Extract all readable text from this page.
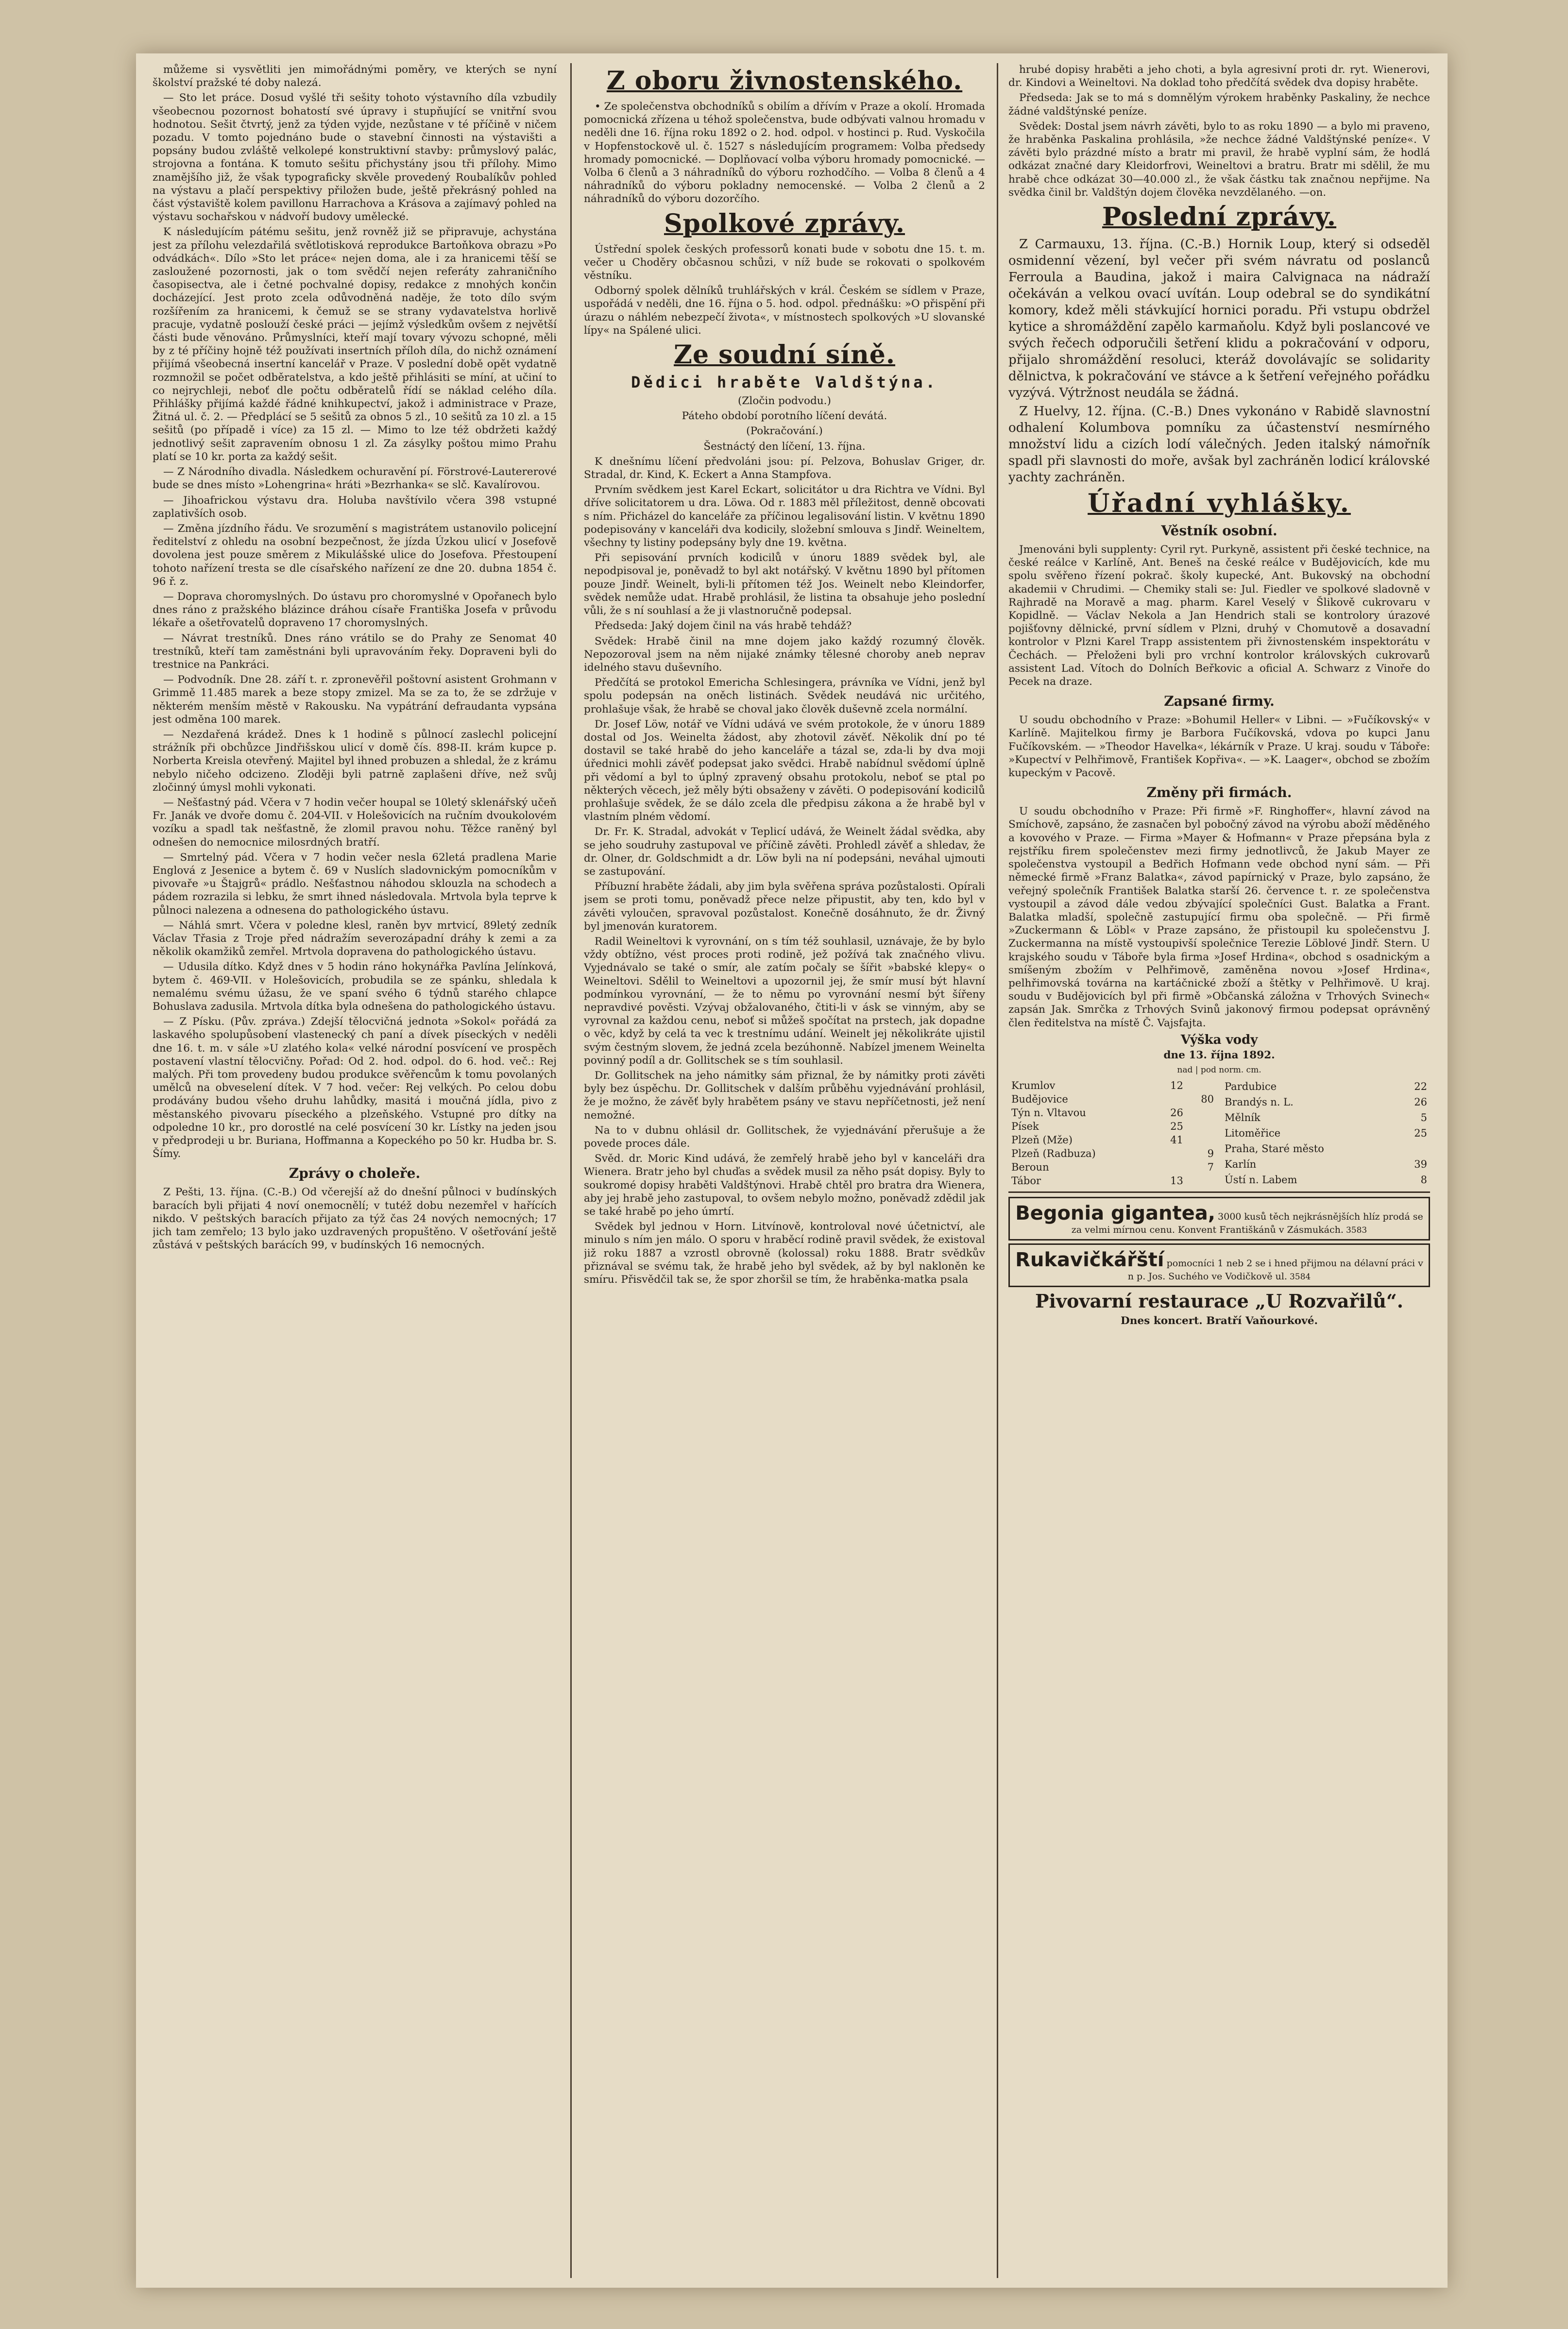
můžeme si vysvětliti jen mimořádnými poměry, ve kterých se nyní školství pražské té doby nalezá.

— Sto let práce. Dosud vyšlé tři sešity tohoto výstavního díla vzbudily všeobecnou pozornost bohatostí své úpravy i stupňující se vnitřní svou hodnotou. Sešit čtvrtý, jenž za týden vyjde, nezůstane v té příčině v ničem pozadu. V tomto pojednáno bude o stavební činnosti na výstavišti a popsány budou zvláště velkolepé konstruktivní stavby: průmyslový palác, strojovna a fontána. K tomuto sešitu přichystány jsou tři přílohy. Mimo znamějšího již, že však typograficky skvěle provedený Roubalíkův pohled na výstavu a plačí perspektivy přiložen bude, ještě překrásný pohled na část výstaviště kolem pavillonu Harrachova a Krásova a zajímavý pohled na výstavu sochařskou v nádvoří budovy umělecké.

K následujícím pátému sešitu, jenž rovněž již se připravuje, achystána jest za přílohu velezdařilá světlotisková reprodukce Bartoňkova obrazu »Po odvádkách«. Dílo »Sto let práce« nejen doma, ale i za hranicemi těší se zasloužené pozornosti, jak o tom svědčí nejen referáty zahraničního časopisectva, ale i četné pochvalné dopisy, redakce z mnohých končin docházející. Jest proto zcela odůvodněná naděje, že toto dílo svým rozšířením za hranicemi, k čemuž se se strany vydavatelstva horlivě pracuje, vydatně poslouží české práci — jejímž výsledkům ovšem z největší části bude věnováno. Průmyslníci, kteří mají tovary vývozu schopné, měli by z té příčiny hojně též používati insertních příloh díla, do nichž oznámení přijímá všeobecná insertní kancelář v Praze. V poslední době opět vydatně rozmnožil se počet odběratelstva, a kdo ještě přihlásiti se míní, at učiní to co nejrychleji, neboť dle počtu odběratelů řídí se náklad celého díla. Přihlášky přijímá každé řádné knihkupectví, jakož i administrace v Praze, Žitná ul. č. 2. — Předplácí se 5 sešitů za obnos 5 zl., 10 sešitů za 10 zl. a 15 sešitů (po případě i více) za 15 zl. — Mimo to lze též obdržeti každý jednotlivý sešit zapravením obnosu 1 zl. Za zásylky poštou mimo Prahu platí se 10 kr. porta za každý sešit.

— Z Národního divadla. Následkem ochuravění pí. Förstrové-Lautererové bude se dnes místo »Lohengrina« hráti »Bezrhanka« se slč. Kavalírovou.

— Jihoafrickou výstavu dra. Holuba navštívilo včera 398 vstupné zaplativších osob.

— Změna jízdního řádu. Ve srozumění s magistrátem ustanovilo policejní ředitelství z ohledu na osobní bezpečnost, že jízda Úzkou ulicí v Josefově dovolena jest pouze směrem z Mikulášské ulice do Josefova. Přestoupení tohoto nařízení tresta se dle císařského nařízení ze dne 20. dubna 1854 č. 96 ř. z.

— Doprava choromyslných. Do ústavu pro choromyslné v Opořanech bylo dnes ráno z pražského blázince dráhou císaře Františka Josefa v průvodu lékaře a ošetřovatelů dopraveno 17 choromyslných.

— Návrat trestníků. Dnes ráno vrátilo se do Prahy ze Senomat 40 trestníků, kteří tam zaměstnáni byli upravováním řeky. Dopraveni byli do trestnice na Pankráci.

— Podvodník. Dne 28. září t. r. zpronevěřil poštovní asistent Grohmann v Grimmě 11.485 marek a beze stopy zmizel. Ma se za to, že se zdržuje v některém menším městě v Rakousku. Na vypátrání defraudanta vypsána jest odměna 100 marek.

— Nezdařená krádež. Dnes k 1 hodině s půlnocí zaslechl policejní strážník při obchůzce Jindřišskou ulicí v domě čís. 898-II. krám kupce p. Norberta Kreisla otevřený. Majitel byl ihned probuzen a shledal, že z krámu nebylo ničeho odcizeno. Zloději byli patrně zaplašeni dříve, než svůj zločinný úmysl mohli vykonati.

— Nešťastný pád. Včera v 7 hodin večer houpal se 10letý sklenářský učeň Fr. Janák ve dvoře domu č. 204-VII. v Holešovicích na ručním dvoukolovém vozíku a spadl tak nešťastně, že zlomil pravou nohu. Těžce raněný byl odnešen do nemocnice milosrdných bratří.

— Smrtelný pád. Včera v 7 hodin večer nesla 62letá pradlena Marie Englová z Jesenice a bytem č. 69 v Nuslích sladovnickým pomocníkům v pivovaře »u Štajgrů« prádlo. Nešťastnou náhodou sklouzla na schodech a pádem rozrazila si lebku, že smrt ihned následovala. Mrtvola byla teprve k půlnoci nalezena a odnesena do pathologického ústavu.

— Náhlá smrt. Včera v poledne klesl, raněn byv mrtvicí, 89letý zedník Václav Třasia z Troje před nádražím severozápadní dráhy k zemi a za několik okamžiků zemřel. Mrtvola dopravena do pathologického ústavu.

— Udusila dítko. Když dnes v 5 hodin ráno hokynářka Pavlína Jelínková, bytem č. 469-VII. v Holešovicích, probudila se ze spánku, shledala k nemalému svému úžasu, že ve spaní svého 6 týdnů starého chlapce Bohuslava zadusila. Mrtvola dítka byla odnešena do pathologického ústavu.

— Z Písku. (Pův. zpráva.) Zdejší tělocvičná jednota »Sokol« pořádá za laskavého spolupůsobení vlastenecký ch paní a dívek píseckých v neděli dne 16. t. m. v sále »U zlatého kola« velké národní posvícení ve prospěch postavení vlastní tělocvičny. Pořad: Od 2. hod. odpol. do 6. hod. več.: Rej malých. Při tom provedeny budou produkce svěřencům k tomu povolaných umělců na obveselení dítek. V 7 hod. večer: Rej velkých. Po celou dobu prodávány budou všeho druhu lahůdky, masitá i moučná jídla, pivo z městanského pivovaru píseckého a plzeňského. Vstupné pro dítky na odpoledne 10 kr., pro dorostlé na celé posvícení 30 kr. Lístky na jeden jsou v předprodeji u br. Buriana, Hoffmanna a Kopeckého po 50 kr. Hudba br. S. Šímy.

Zprávy o choleře.

Z Pešti, 13. října. (C.-B.) Od včerejší až do dnešní půlnoci v budínských baracích byli přijati 4 noví onemocnělí; v tutéž dobu nezemřel v hařících nikdo. V peštských baracích přijato za týž čas 24 nových nemocných; 17 jich tam zemřelo; 13 bylo jako uzdravených propuštěno. V ošetřování ještě zůstává v peštských barácích 99, v budínských 16 nemocných.

Z oboru živnostenského.

• Ze společenstva obchodníků s obilím a dřívím v Praze a okolí. Hromada pomocnická zřízena u téhož společenstva, bude odbývati valnou hromadu v neděli dne 16. října roku 1892 o 2. hod. odpol. v hostinci p. Rud. Vyskočila v Hopfenstockově ul. č. 1527 s následujícím programem: Volba předsedy hromady pomocnické. — Doplňovací volba výboru hromady pomocnické. — Volba 6 členů a 3 náhradníků do výboru rozhodčího. — Volba 8 členů a 4 náhradníků do výboru pokladny nemocenské. — Volba 2 členů a 2 náhradníků do výboru dozorčího.

Spolkové zprávy.

Ústřední spolek českých professorů konati bude v sobotu dne 15. t. m. večer u Choděry občasnou schůzi, v níž bude se rokovati o spolkovém věstníku.

Odborný spolek dělníků truhlářských v král. Českém se sídlem v Praze, uspořádá v neděli, dne 16. října o 5. hod. odpol. přednášku: »O přispění při úrazu o náhlém nebezpečí života«, v místnostech spolkových »U slovanské lípy« na Spálené ulici.

Ze soudní síně.
Dědici hraběte Valdštýna.
(Zločin podvodu.)
Páteho období porotního líčení devátá.
(Pokračování.)
Šestnáctý den líčení, 13. října.

K dnešnímu líčení předvoláni jsou: pí. Pelzova, Bohuslav Griger, dr. Stradal, dr. Kind, K. Eckert a Anna Stampfova.

Prvním svědkem jest Karel Eckart, solicitátor u dra Richtra ve Vídni. Byl dříve solicitatorem u dra. Löwa. Od r. 1883 měl příležitost, denně obcovati s ním. Přicházel do kanceláře za příčinou legalisování listin. V květnu 1890 podepisovány v kanceláři dva kodicily, složební smlouva s Jindř. Weineltem, všechny ty listiny podepsány byly dne 19. května.

Při sepisování prvních kodicilů v únoru 1889 svědek byl, ale nepodpisoval je, poněvadž to byl akt notářský. V květnu 1890 byl přítomen pouze Jindř. Weinelt, byli-li přítomen též Jos. Weinelt nebo Kleindorfer, svědek nemůže udat. Hrabě prohlásil, že listina ta obsahuje jeho poslední vůli, že s ní souhlasí a že ji vlastnoručně podepsal.

Předseda: Jaký dojem činil na vás hrabě tehdáž?

Svědek: Hrabě činil na mne dojem jako každý rozumný člověk. Nepozoroval jsem na něm nijaké známky tělesné choroby aneb neprav idelného stavu duševního.

Předčítá se protokol Emericha Schlesingera, právníka ve Vídni, jenž byl spolu podepsán na oněch listinách. Svědek neudává nic určitého, prohlašuje však, že hrabě se choval jako člověk duševně zcela normální.

Dr. Josef Löw, notář ve Vídni udává ve svém protokole, že v únoru 1889 dostal od Jos. Weinelta žádost, aby zhotovil závěť. Několik dní po té dostavil se také hrabě do jeho kanceláře a tázal se, zda-li by dva moji úřednici mohli závěť podepsat jako svědci. Hrabě nabídnul svědomí úplně při vědomí a byl to úplný zpravený obsahu protokolu, neboť se ptal po některých věcech, jež měly býti obsaženy v závěti. O podepisování kodicilů prohlašuje svědek, že se dálo zcela dle předpisu zákona a že hrabě byl v vlastním plném vědomí.

Dr. Fr. K. Stradal, advokát v Teplicí udává, že Weinelt žádal svědka, aby se jeho soudruhy zastupoval ve příčině závěti. Prohledl závěť a shledav, že dr. Olner, dr. Goldschmidt a dr. Löw byli na ní podepsáni, neváhal ujmouti se zastupování.

Příbuzní hraběte žádali, aby jim byla svěřena správa pozůstalosti. Opírali jsem se proti tomu, poněvadž přece nelze připustit, aby ten, kdo byl v závěti vyloučen, spravoval pozůstalost. Konečně dosáhnuto, že dr. Živný byl jmenován kuratorem.

Radil Weineltovi k vyrovnání, on s tím též souhlasil, uznávaje, že by bylo vždy obtížno, vést proces proti rodině, jež požívá tak značného vlivu. Vyjednávalo se také o smír, ale zatím počaly se šířit »babské klepy« o Weineltovi. Sdělil to Weineltovi a upozornil jej, že smír musí být hlavní podmínkou vyrovnání, — že to němu po vyrovnání nesmí být šířeny nepravdivé pověsti. Vzývaj obžalovaného, čtiti-li v ásk se vinným, aby se vyrovnal za každou cenu, neboť si můžeš spočítat na prstech, jak dopadne o věc, když by celá ta vec k trestnímu udání. Weinelt jej několikráte ujistil svým čestným slovem, že jedná zcela bezúhonně. Nabízel jmenem Weinelta povinný podíl a dr. Gollitschek se s tím souhlasil.

Dr. Gollitschek na jeho námitky sám přiznal, že by námitky proti závěti byly bez úspěchu. Dr. Gollitschek v dalším průběhu vyjednávání prohlásil, že je možno, že závěť byly hrabětem psány ve stavu nepříčetnosti, jež není nemožné.

Na to v dubnu ohlásil dr. Gollitschek, že vyjednávání přerušuje a že povede proces dále.

Svěd. dr. Moric Kind udává, že zemřelý hrabě jeho byl v kanceláři dra Wienera. Bratr jeho byl chuďas a svědek musil za něho psát dopisy. Byly to soukromé dopisy hraběti Valdštýnovi. Hrabě chtěl pro bratra dra Wienera, aby jej hrabě jeho zastupoval, to ovšem nebylo možno, poněvadž zdědil jak se také hrabě po jeho úmrtí.

Svědek byl jednou v Horn. Litvínově, kontroloval nové účetnictví, ale minulo s ním jen málo. O sporu v hraběcí rodině pravil svědek, že existoval již roku 1887 a vzrostl obrovně (kolossal) roku 1888. Bratr svědkův přiznával se svému tak, že hrabě jeho byl svědek, až by byl nakloněn ke smíru. Přisvědčil tak se, že spor zhoršil se tím, že hraběnka-matka psala

hrubé dopisy hraběti a jeho choti, a byla agresivní proti dr. ryt. Wienerovi, dr. Kindovi a Weineltovi. Na doklad toho předčítá svědek dva dopisy hraběte.

Předseda: Jak se to má s domnělým výrokem hraběnky Paskaliny, že nechce žádné valdštýnské peníze.

Svědek: Dostal jsem návrh závěti, bylo to as roku 1890 — a bylo mi praveno, že hraběnka Paskalina prohlásila, »že nechce žádné Valdštýnské peníze«. V závěti bylo prázdné místo a bratr mi pravil, že hrabě vyplní sám, že hodlá odkázat značné dary Kleidorfrovi, Weineltovi a bratru. Bratr mi sdělil, že mu hrabě chce odkázat 30—40.000 zl., že však částku tak značnou nepřijme. Na svědka činil br. Valdštýn dojem člověka nevzdělaného. —on.

Poslední zprávy.

Z Carmauxu, 13. října. (C.-B.) Hornik Loup, který si odseděl osmidenní vězení, byl večer při svém návratu od poslanců Ferroula a Baudina, jakož i maira Calvignaca na nádraží očekáván a velkou ovací uvítán. Loup odebral se do syndikátní komory, kdež měli stávkující hornici poradu. Při vstupu obdržel kytice a shromáždění zapělo karmaňolu. Když byli poslancové ve svých řečech odporučili šetření klidu a pokračování v odporu, přijalo shromáždění resoluci, kteráž dovolávajíc se solidarity dělnictva, k pokračování ve stávce a k šetření veřejného pořádku vyzývá. Výtržnost neudála se žádná.

Z Huelvy, 12. října. (C.-B.) Dnes vykonáno v Rabidě slavnostní odhalení Kolumbova pomníku za účastenství nesmírného množství lidu a cizích lodí válečných. Jeden italský námořník spadl při slavnosti do moře, avšak byl zachráněn lodicí královské yachty zachráněn.

Úřadní vyhlášky.
Věstník osobní.

Jmenováni byli supplenty: Cyril ryt. Purkyně, assistent při české technice, na české reálce v Karlíně, Ant. Beneš na české reálce v Budějovicích, kde mu spolu svěřeno řízení pokrač. školy kupecké, Ant. Bukovský na obchodní akademii v Chrudimi. — Chemiky stali se: Jul. Fiedler ve spolkové sladovně v Rajhradě na Moravě a mag. pharm. Karel Veselý v Šlikově cukrovaru v Kopidlně. — Václav Nekola a Jan Hendrich stali se kontrolory úrazové pojišťovny dělnické, první sídlem v Plzni, druhý v Chomutově a dosavadní kontrolor v Plzni Karel Trapp assistentem při živnostenském inspektorátu v Čechách. — Přeloženi byli pro vrchní kontrolor královských cukrovarů assistent Lad. Vítoch do Dolních Beřkovic a oficial A. Schwarz z Vinoře do Pecek na draze.

Zapsané firmy.

U soudu obchodního v Praze: »Bohumil Heller« v Libni. — »Fučíkovský« v Karlíně. Majitelkou firmy je Barbora Fučíkovská, vdova po kupci Janu Fučíkovském. — »Theodor Havelka«, lékárník v Praze. U kraj. soudu v Táboře: »Kupectví v Pelhřimově, František Kopřiva«. — »K. Laager«, obchod se zbožím kupeckým v Pacově.

Změny při firmách.

U soudu obchodního v Praze: Při firmě »F. Ringhoffer«, hlavní závod na Smíchově, zapsáno, že zasnačen byl pobočný závod na výrobu aboží měděného a kovového v Praze. — Firma »Mayer & Hofmann« v Praze přepsána byla z rejstříku firem společenstev mezi firmy jednotlivců, že Jakub Mayer ze společenstva vystoupil a Bedřich Hofmann vede obchod nyní sám. — Při německé firmě »Franz Balatka«, závod papírnický v Praze, bylo zapsáno, že veřejný společník František Balatka starší 26. července t. r. ze společenstva vystoupil a závod dále vedou zbývající společníci Gust. Balatka a Frant. Balatka mladší, společně zastupující firmu oba společně. — Při firmě »Zuckermann & Löbl« v Praze zapsáno, že přistoupil ku společenstvu J. Zuckermanna na místě vystoupivší společnice Terezie Löblové Jindř. Stern. U krajského soudu v Táboře byla firma »Josef Hrdina«, obchod s osadnickým a smíšeným zbožím v Pelhřimově, zaměněna novou »Josef Hrdina«, pelhřimovská továrna na kartáčnické zboží a štětky v Pelhřimově. U kraj. soudu v Budějovicích byl při firmě »Občanská záložna v Trhových Svinech« zapsán Jak. Smrčka z Trhových Svinů jakonový firmou podepsat oprávněný člen ředitelstva na místě Č. Vajsfajta.

Výška vody
dne 13. října 1892.
nad | pod norm. cm.
Krumlov	12	
Budějovice		80
Týn n. Vltavou	26	
Písek	25	
Plzeň (Mže)	41	
Plzeň (Radbuza)		9
Beroun		7
Tábor	13	
Pardubice		22
Brandýs n. L.		26
Mělník		5
Litoměřice		25
Praha, Staré město		
Karlín		39
Ústí n. Labem		8
Begonia gigantea, 3000 kusů těch nejkrásnějších hlíz prodá se za velmi mírnou cenu. Konvent Františkánů v Zásmukách. 3583
Rukavičkářští pomocníci 1 neb 2 se i hned přijmou na délavní práci v n p. Jos. Suchého ve Vodičkově ul. 3584
Pivovarní restaurace „U Rozvařilů“.
Dnes koncert. Bratří Vaňourkové.
